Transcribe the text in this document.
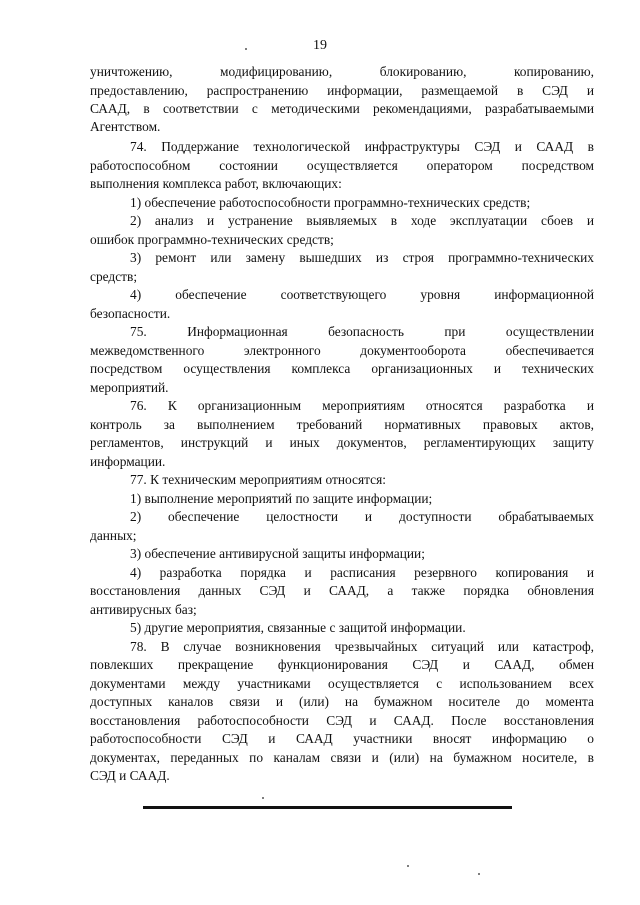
19
уничтожению, модифицированию, блокированию, копированию,
предоставлению, распространению информации, размещаемой в СЭД и
СААД, в соответствии с методическими рекомендациями, разрабатываемыми
Агентством.
74. Поддержание технологической инфраструктуры СЭД и СААД в
работоспособном состоянии осуществляется оператором посредством
выполнения комплекса работ, включающих:
1) обеспечение работоспособности программно-технических средств;
2) анализ и устранение выявляемых в ходе эксплуатации сбоев и
ошибок программно-технических средств;
3) ремонт или замену вышедших из строя программно-технических
средств;
4) обеспечение соответствующего уровня информационной
безопасности.
75. Информационная безопасность при осуществлении
межведомственного электронного документооборота обеспечивается
посредством осуществления комплекса организационных и технических
мероприятий.
76. К организационным мероприятиям относятся разработка и
контроль за выполнением требований нормативных правовых актов,
регламентов, инструкций и иных документов, регламентирующих защиту
информации.
77. К техническим мероприятиям относятся:
1) выполнение мероприятий по защите информации;
2) обеспечение целостности и доступности обрабатываемых
данных;
3) обеспечение антивирусной защиты информации;
4) разработка порядка и расписания резервного копирования и
восстановления данных СЭД и СААД, а также порядка обновления
антивирусных баз;
5) другие мероприятия, связанные с защитой информации.
78. В случае возникновения чрезвычайных ситуаций или катастроф,
повлекших прекращение функционирования СЭД и СААД, обмен
документами между участниками осуществляется с использованием всех
доступных каналов связи и (или) на бумажном носителе до момента
восстановления работоспособности СЭД и СААД. После восстановления
работоспособности СЭД и СААД участники вносят информацию о
документах, переданных по каналам связи и (или) на бумажном носителе, в
СЭД и СААД.
